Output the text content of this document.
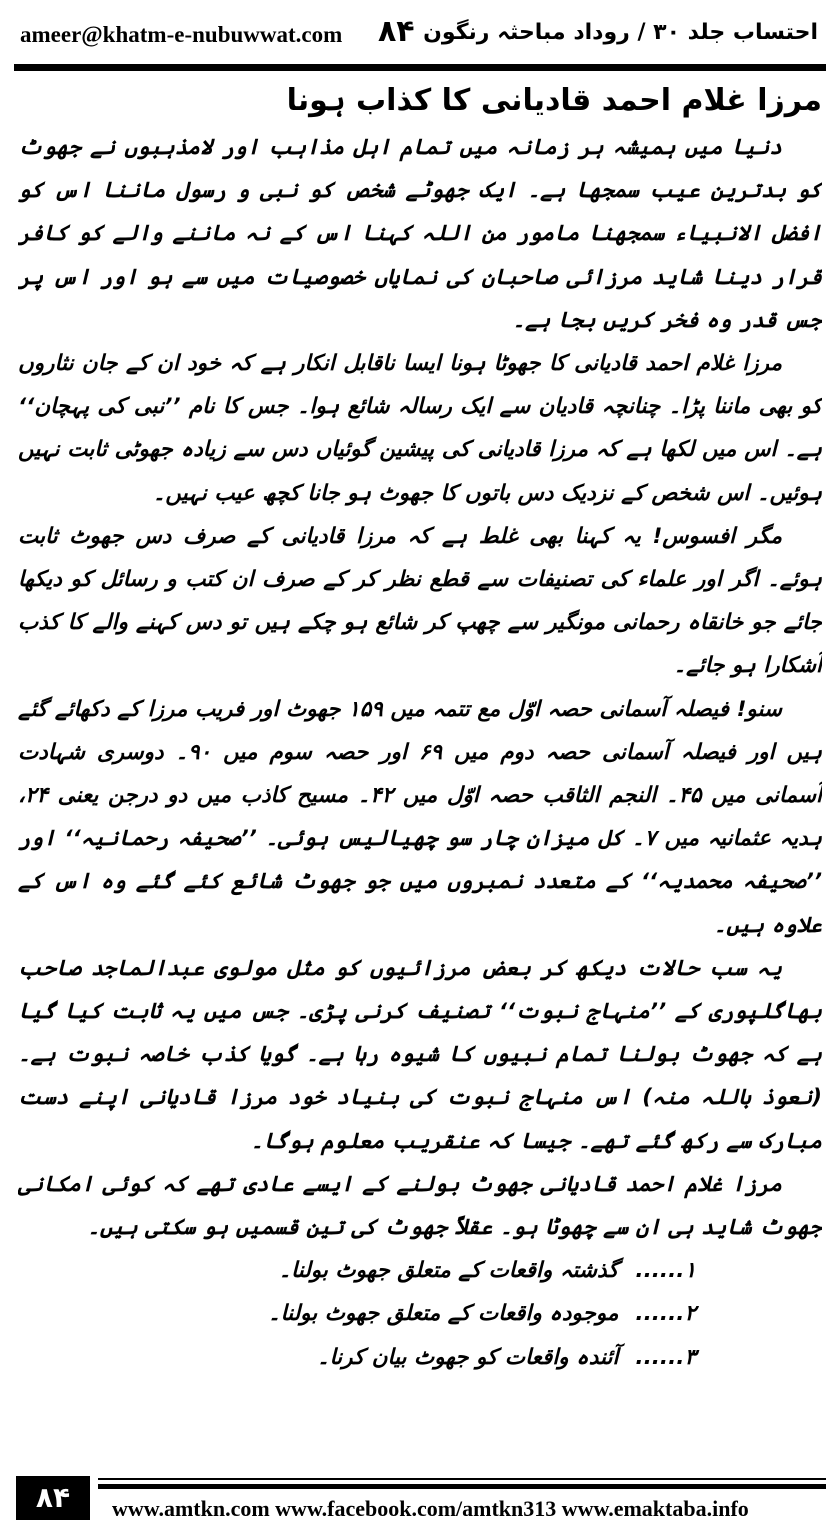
ameer@khatm-e-nubuwwat.com ۸۴ احتساب جلد ۳۰ / روداد مباحثہ رنگون
مرزا غلام احمد قادیانی کا کذاب ہونا

دنیا میں ہمیشہ ہر زمانہ میں تمام اہل مذاہب اور لامذہبوں نے جھوٹ کو بدترین عیب سمجھا ہے۔ ایک جھوٹے شخص کو نبی و رسول ماننا اس کو افضل الانبیاء سمجھنا مامور من اللہ کہنا اس کے نہ ماننے والے کو کافر قرار دینا شاید مرزائی صاحبان کی نمایاں خصوصیات میں سے ہو اور اس پر جس قدر وہ فخر کریں بجا ہے۔

مرزا غلام احمد قادیانی کا جھوٹا ہونا ایسا ناقابل انکار ہے کہ خود ان کے جان نثاروں کو بھی ماننا پڑا۔ چنانچہ قادیان سے ایک رسالہ شائع ہوا۔ جس کا نام ’’نبی کی پہچان‘‘ ہے۔ اس میں لکھا ہے کہ مرزا قادیانی کی پیشین گوئیاں دس سے زیادہ جھوٹی ثابت نہیں ہوئیں۔ اس شخص کے نزدیک دس باتوں کا جھوٹ ہو جانا کچھ عیب نہیں۔

مگر افسوس! یہ کہنا بھی غلط ہے کہ مرزا قادیانی کے صرف دس جھوٹ ثابت ہوئے۔ اگر اور علماء کی تصنیفات سے قطع نظر کر کے صرف ان کتب و رسائل کو دیکھا جائے جو خانقاہ رحمانی مونگیر سے چھپ کر شائع ہو چکے ہیں تو دس کہنے والے کا کذب آشکارا ہو جائے۔

سنو! فیصلہ آسمانی حصہ اوّل مع تتمہ میں ۱۵۹ جھوٹ اور فریب مرزا کے دکھائے گئے ہیں اور فیصلہ آسمانی حصہ دوم میں ۶۹ اور حصہ سوم میں ۹۰۔ دوسری شہادت آسمانی میں ۴۵۔ النجم الثاقب حصہ اوّل میں ۴۲۔ مسیح کاذب میں دو درجن یعنی ۲۴، ہدیہ عثمانیہ میں ۷۔ کل میزان چار سو چھیالیس ہوئی۔ ’’صحیفہ رحمانیہ‘‘ اور ’’صحیفہ محمدیہ‘‘ کے متعدد نمبروں میں جو جھوٹ شائع کئے گئے وہ اس کے علاوہ ہیں۔

یہ سب حالات دیکھ کر بعض مرزائیوں کو مثل مولوی عبدالماجد صاحب بھاگلپوری کے ’’منہاج نبوت‘‘ تصنیف کرنی پڑی۔ جس میں یہ ثابت کیا گیا ہے کہ جھوٹ بولنا تمام نبیوں کا شیوہ رہا ہے۔ گویا کذب خاصہ نبوت ہے۔ (نعوذ باللہ منہ) اس منہاج نبوت کی بنیاد خود مرزا قادیانی اپنے دست مبارک سے رکھ گئے تھے۔ جیسا کہ عنقریب معلوم ہوگا۔

مرزا غلام احمد قادیانی جھوٹ بولنے کے ایسے عادی تھے کہ کوئی امکانی جھوٹ شاید ہی ان سے چھوٹا ہو۔ عقلاً جھوٹ کی تین قسمیں ہو سکتی ہیں۔

۱...... گذشتہ واقعات کے متعلق جھوٹ بولنا۔
۲...... موجودہ واقعات کے متعلق جھوٹ بولنا۔
۳...... آئندہ واقعات کو جھوٹ بیان کرنا۔
۸۴	www.amtkn.com www.facebook.com/amtkn313 www.emaktaba.info
